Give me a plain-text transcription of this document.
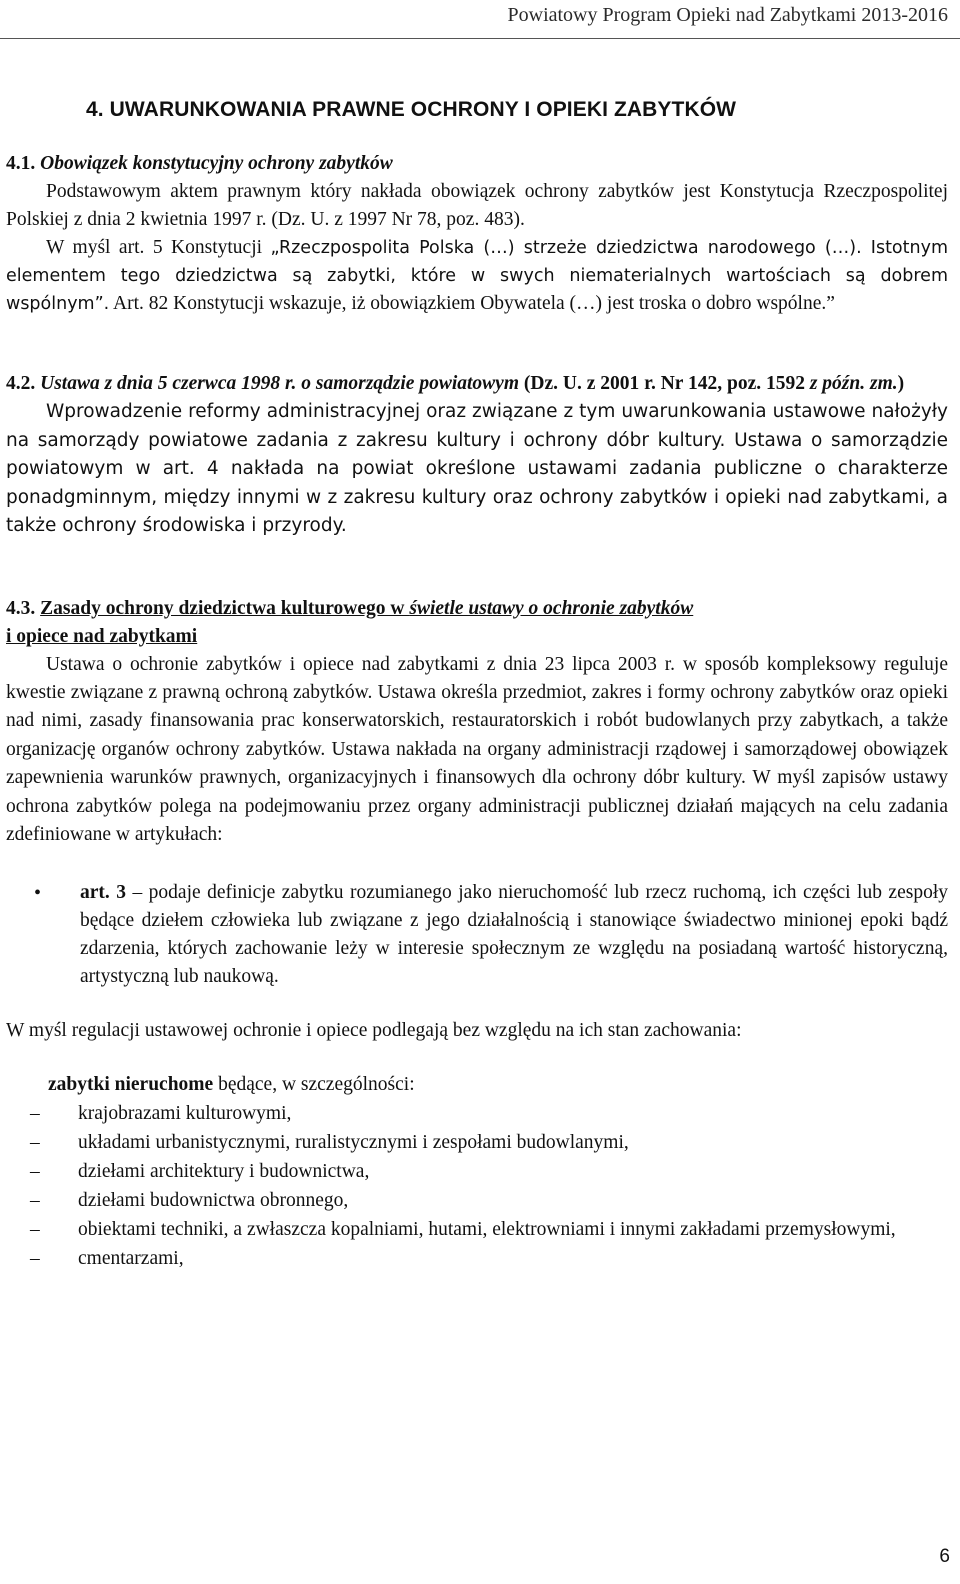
Powiatowy Program Opieki nad Zabytkami 2013-2016
4. UWARUNKOWANIA PRAWNE OCHRONY I OPIEKI ZABYTKÓW
4.1. Obowiązek konstytucyjny ochrony zabytków

Podstawowym aktem prawnym który nakłada obowiązek ochrony zabytków jest Konstytucja Rzeczpospolitej Polskiej z dnia 2 kwietnia 1997 r. (Dz. U. z 1997 Nr 78, poz. 483).

W myśl art. 5 Konstytucji „Rzeczpospolita Polska (…) strzeże dziedzictwa narodowego (…). Istotnym elementem tego dziedzictwa są zabytki, które w swych niematerialnych wartościach są dobrem wspólnym”. Art. 82 Konstytucji wskazuje, iż obowiązkiem Obywatela (…) jest troska o dobro wspólne.”

4.2. Ustawa z dnia 5 czerwca 1998 r. o samorządzie powiatowym (Dz. U. z 2001 r. Nr 142, poz. 1592 z późn. zm.)

Wprowadzenie reformy administracyjnej oraz związane z tym uwarunkowania ustawowe nałożyły na samorządy powiatowe zadania z zakresu kultury i ochrony dóbr kultury. Ustawa o samorządzie powiatowym w art. 4 nakłada na powiat określone ustawami zadania publiczne o charakterze ponadgminnym, między innymi w z zakresu kultury oraz ochrony zabytków i opieki nad zabytkami, a także ochrony środowiska i przyrody.

4.3. Zasady ochrony dziedzictwa kulturowego w świetle ustawy o ochronie zabytków
i opiece nad zabytkami

Ustawa o ochronie zabytków i opiece nad zabytkami z dnia 23 lipca 2003 r. w sposób kompleksowy reguluje kwestie związane z prawną ochroną zabytków. Ustawa określa przedmiot, zakres i formy ochrony zabytków oraz opieki nad nimi, zasady finansowania prac konserwatorskich, restauratorskich i robót budowlanych przy zabytkach, a także organizację organów ochrony zabytków. Ustawa nakłada na organy administracji rządowej i samorządowej obowiązek zapewnienia warunków prawnych, organizacyjnych i finansowych dla ochrony dóbr kultury. W myśl zapisów ustawy ochrona zabytków polega na podejmowaniu przez organy administracji publicznej działań mających na celu zadania zdefiniowane w artykułach:

• art. 3 – podaje definicje zabytku rozumianego jako nieruchomość lub rzecz ruchomą, ich części lub zespoły będące dziełem człowieka lub związane z jego działalnością i stanowiące świadectwo minionej epoki bądź zdarzenia, których zachowanie leży w interesie społecznym ze względu na posiadaną wartość historyczną, artystyczną lub naukową.

W myśl regulacji ustawowej ochronie i opiece podlegają bez względu na ich stan zachowania:

zabytki nieruchome będące, w szczególności:
– krajobrazami kulturowymi,
– układami urbanistycznymi, ruralistycznymi i zespołami budowlanymi,
– dziełami architektury i budownictwa,
– dziełami budownictwa obronnego,
– obiektami techniki, a zwłaszcza kopalniami, hutami, elektrowniami i innymi zakładami przemysłowymi,
– cmentarzami,
6
